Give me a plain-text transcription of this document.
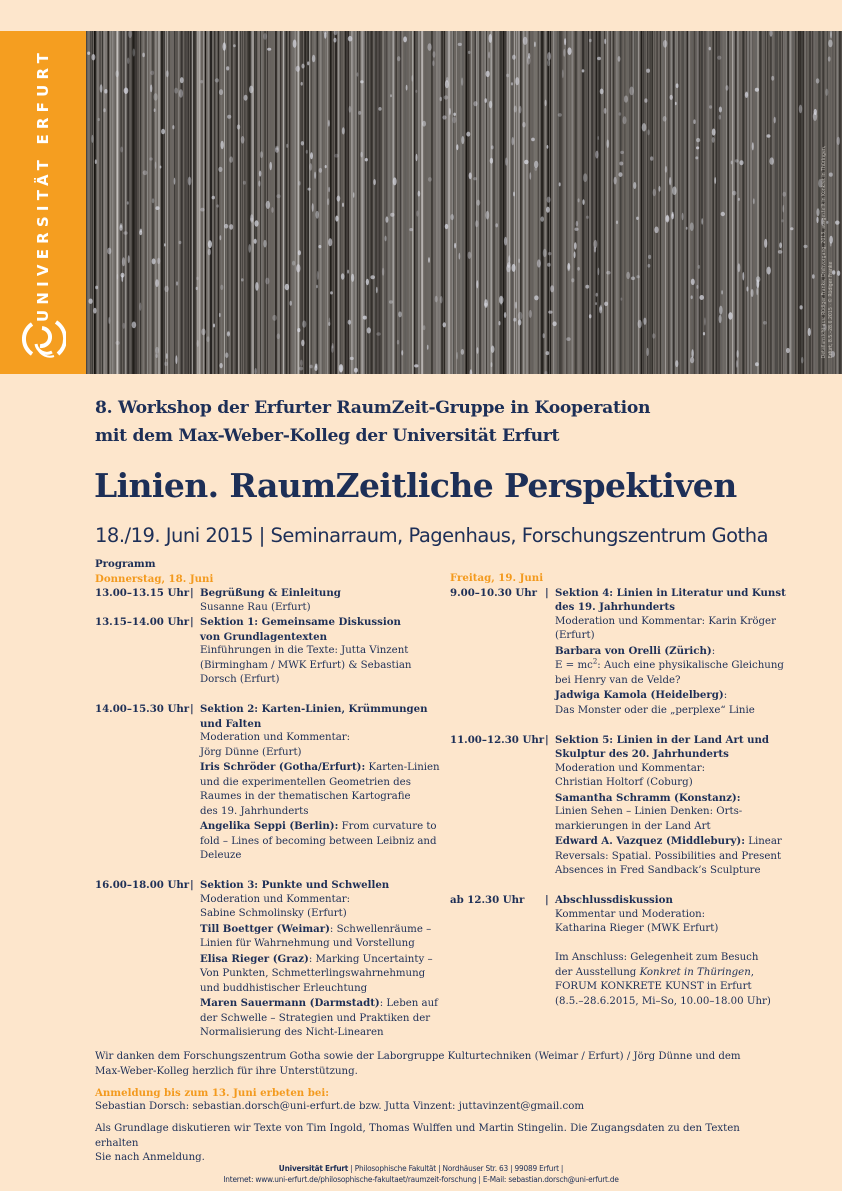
UNIVERSITÄT ERFURT	Detailansicht aus: Rüdiger Franke, Drehvorgang, 2013, ausgestellt in Konkret in Thüringen, Erfurt, 8.5.–28.6.2015 · © Rüdiger Franke
8. Workshop der Erfurter RaumZeit-Gruppe in Kooperation
mit dem Max-Weber-Kolleg der Universität Erfurt
Linien. RaumZeitliche Perspektiven
18./19. Juni 2015 | Seminarraum, Pagenhaus, Forschungszentrum Gotha
Programm
Donnerstag, 18. Juni
13.00–13.15 Uhr | Begrüßung & Einleitung
Susanne Rau (Erfurt)
13.15–14.00 Uhr | Sektion 1: Gemeinsame Diskussion
von Grundlagentexten
Einführungen in die Texte: Jutta Vinzent
(Birmingham / MWK Erfurt) & Sebastian
Dorsch (Erfurt)
14.00–15.30 Uhr | Sektion 2: Karten-Linien, Krümmungen
und Falten
Moderation und Kommentar:
Jörg Dünne (Erfurt)
Iris Schröder (Gotha/Erfurt): Karten-Linien
und die experimentellen Geometrien des
Raumes in der thematischen Kartografie
des 19. Jahrhunderts
Angelika Seppi (Berlin): From curvature to
fold – Lines of becoming between Leibniz and
Deleuze
16.00–18.00 Uhr | Sektion 3: Punkte und Schwellen
Moderation und Kommentar:
Sabine Schmolinsky (Erfurt)
Till Boettger (Weimar): Schwellenräume –
Linien für Wahrnehmung und Vorstellung
Elisa Rieger (Graz): Marking Uncertainty –
Von Punkten, Schmetterlingswahrnehmung
und buddhistischer Erleuchtung
Maren Sauermann (Darmstadt): Leben auf
der Schwelle – Strategien und Praktiken der
Normalisierung des Nicht-Linearen
Freitag, 19. Juni
9.00–10.30 Uhr | Sektion 4: Linien in Literatur und Kunst
des 19. Jahrhunderts
Moderation und Kommentar: Karin Kröger
(Erfurt)
Barbara von Orelli (Zürich):
$E = mc^2$: Auch eine physikalische Gleichung
bei Henry van de Velde?
Jadwiga Kamola (Heidelberg):
Das Monster oder die „perplexe“ Linie
11.00–12.30 Uhr | Sektion 5: Linien in der Land Art und
Skulptur des 20. Jahrhunderts
Moderation und Kommentar:
Christian Holtorf (Coburg)
Samantha Schramm (Konstanz):
Linien Sehen – Linien Denken: Orts-
markierungen in der Land Art
Edward A. Vazquez (Middlebury): Linear
Reversals: Spatial. Possibilities and Present
Absences in Fred Sandback’s Sculpture
ab 12.30 Uhr	| Abschlussdiskussion
Kommentar und Moderation:
Katharina Rieger (MWK Erfurt)
Im Anschluss: Gelegenheit zum Besuch
der Ausstellung Konkret in Thüringen,
FORUM KONKRETE KUNST in Erfurt
(8.5.–28.6.2015, Mi–So, 10.00–18.00 Uhr)
Wir danken dem Forschungszentrum Gotha sowie der Laborgruppe Kulturtechniken (Weimar / Erfurt) / Jörg Dünne und dem
Max-Weber-Kolleg herzlich für ihre Unterstützung.
Anmeldung bis zum 13. Juni erbeten bei:
Sebastian Dorsch: sebastian.dorsch@uni-erfurt.de bzw. Jutta Vinzent: juttavinzent@gmail.com
Als Grundlage diskutieren wir Texte von Tim Ingold, Thomas Wulffen und Martin Stingelin. Die Zugangsdaten zu den Texten erhalten
Sie nach Anmeldung.
Universität Erfurt | Philosophische Fakultät | Nordhäuser Str. 63 | 99089 Erfurt |
Internet: www.uni-erfurt.de/philosophische-fakultaet/raumzeit-forschung | E-Mail: sebastian.dorsch@uni-erfurt.de
